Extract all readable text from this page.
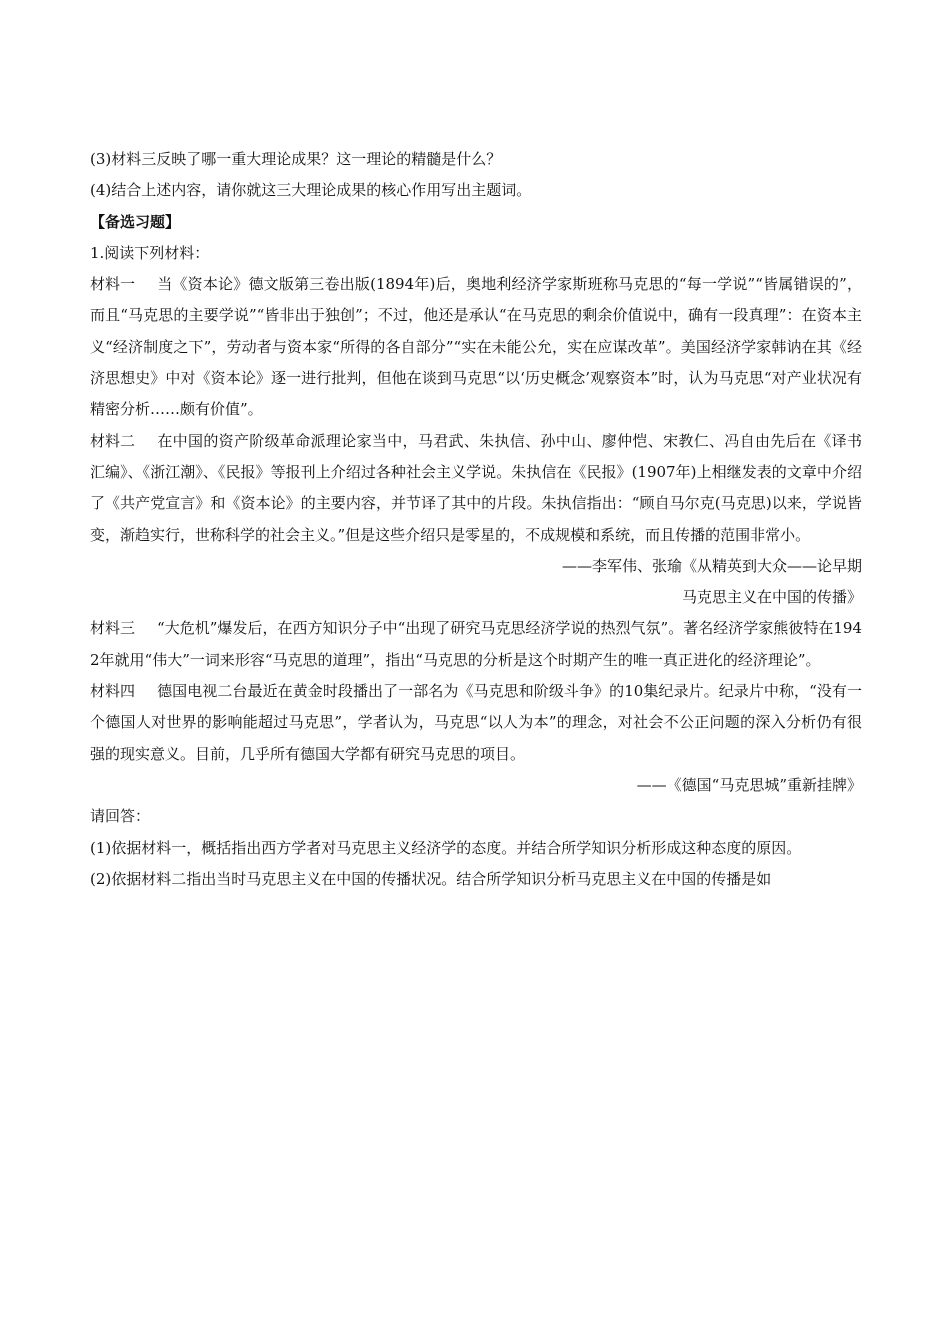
(3)材料三反映了哪一重大理论成果？这一理论的精髓是什么？

(4)结合上述内容，请你就这三大理论成果的核心作用写出主题词。

【备选习题】

1.阅读下列材料：

材料一 当《资本论》德文版第三卷出版(1894年)后，奥地利经济学家斯班称马克思的“每一学说”“皆属错误的”，而且“马克思的主要学说”“皆非出于独创”；不过，他还是承认“在马克思的剩余价值说中，确有一段真理”：在资本主义“经济制度之下”，劳动者与资本家“所得的各自部分”“实在未能公允，实在应谋改革”。美国经济学家韩讷在其《经济思想史》中对《资本论》逐一进行批判，但他在谈到马克思“以‘历史概念’观察资本”时，认为马克思“对产业状况有精密分析……颇有价值”。

材料二 在中国的资产阶级革命派理论家当中，马君武、朱执信、孙中山、廖仲恺、宋教仁、冯自由先后在《译书汇编》、《浙江潮》、《民报》等报刊上介绍过各种社会主义学说。朱执信在《民报》(1907年)上相继发表的文章中介绍了《共产党宣言》和《资本论》的主要内容，并节译了其中的片段。朱执信指出：“顾自马尔克(马克思)以来，学说皆变，渐趋实行，世称科学的社会主义。”但是这些介绍只是零星的，不成规模和系统，而且传播的范围非常小。

——李军伟、张瑜《从精英到大众——论早期

马克思主义在中国的传播》

材料三 “大危机”爆发后，在西方知识分子中“出现了研究马克思经济学说的热烈气氛”。著名经济学家熊彼特在1942年就用“伟大”一词来形容“马克思的道理”，指出“马克思的分析是这个时期产生的唯一真正进化的经济理论”。

材料四 德国电视二台最近在黄金时段播出了一部名为《马克思和阶级斗争》的10集纪录片。纪录片中称，“没有一个德国人对世界的影响能超过马克思”，学者认为，马克思“以人为本”的理念，对社会不公正问题的深入分析仍有很强的现实意义。目前，几乎所有德国大学都有研究马克思的项目。

——《德国“马克思城”重新挂牌》

请回答：

(1)依据材料一，概括指出西方学者对马克思主义经济学的态度。并结合所学知识分析形成这种态度的原因。

(2)依据材料二指出当时马克思主义在中国的传播状况。结合所学知识分析马克思主义在中国的传播是如
